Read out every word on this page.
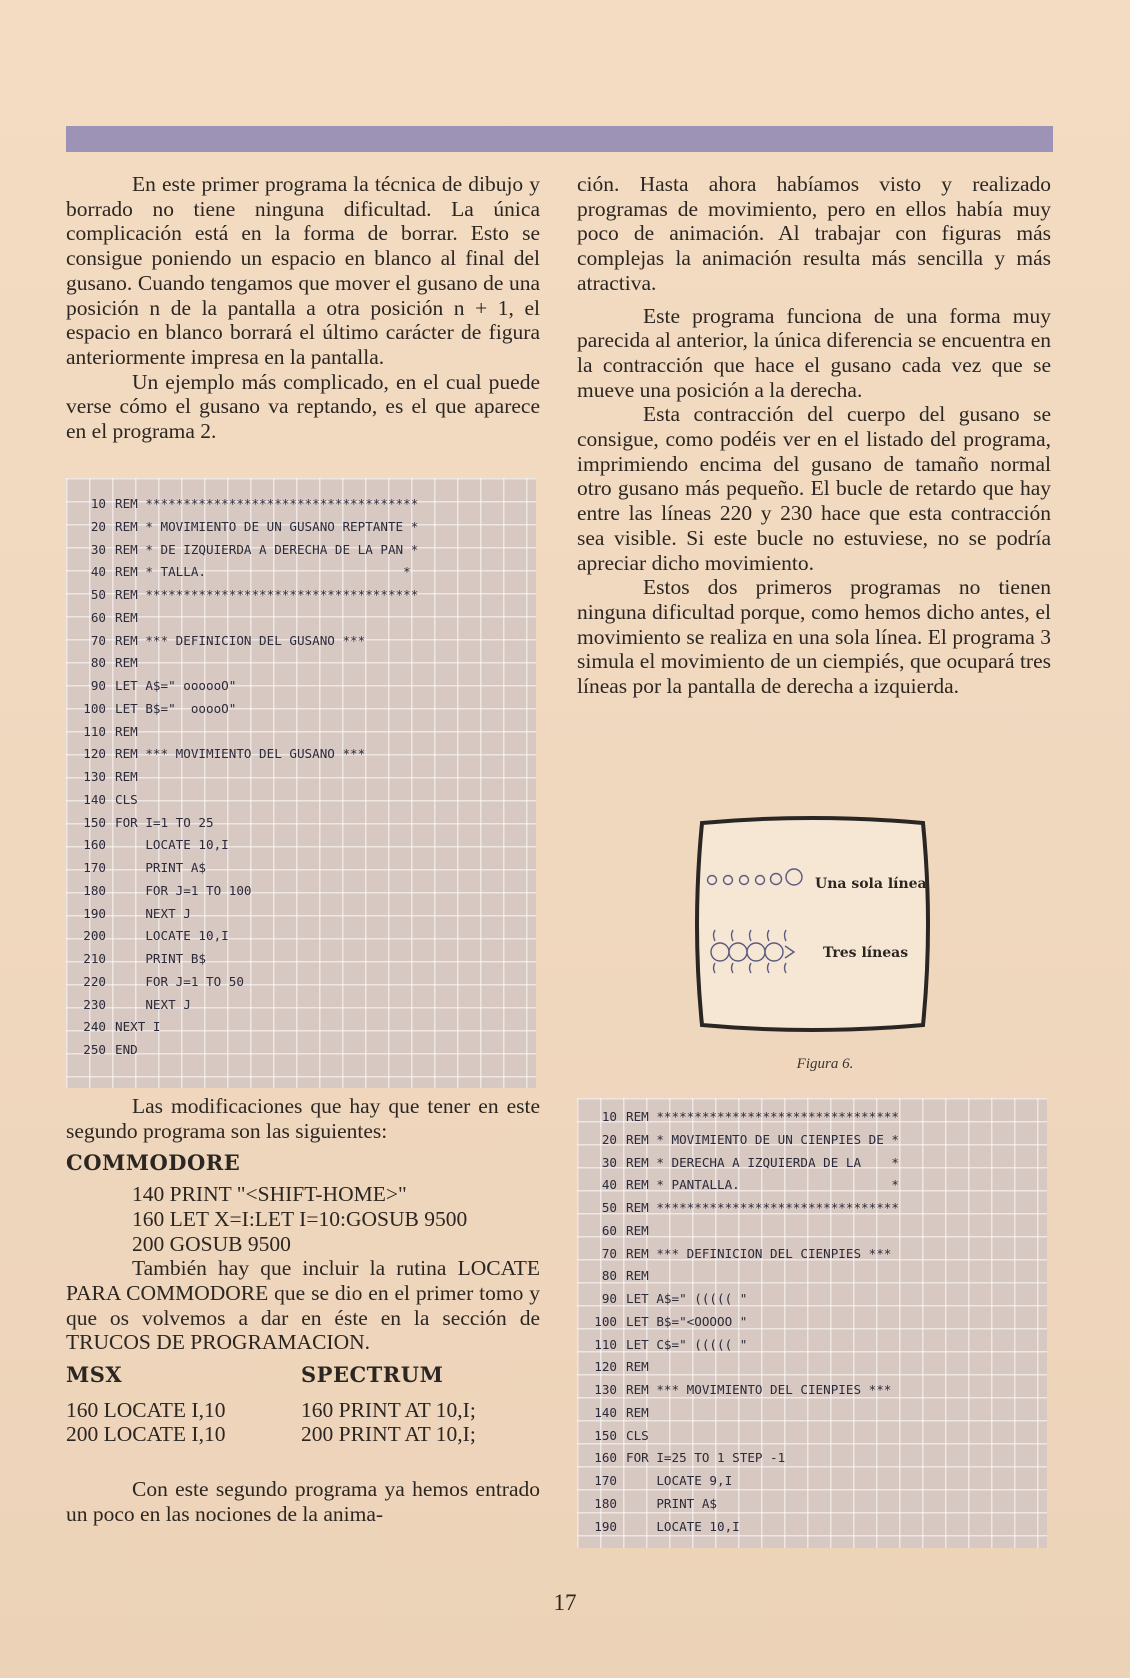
En este primer programa la técnica de dibujo y borrado no tiene ninguna dificultad. La única complicación está en la forma de borrar. Esto se consigue poniendo un espacio en blanco al final del gusano. Cuando tengamos que mover el gusano de una posición n de la pantalla a otra posición n + 1, el espacio en blanco borrará el último carácter de figura anteriormente impresa en la pantalla.

Un ejemplo más complicado, en el cual puede verse cómo el gusano va reptando, es el que aparece en el programa 2.

10 REM ************************************
20 REM * MOVIMIENTO DE UN GUSANO REPTANTE *
30 REM * DE IZQUIERDA A DERECHA DE LA PAN *
40 REM * TALLA.                          *
50 REM ************************************
60 REM
70 REM *** DEFINICION DEL GUSANO ***
80 REM
90 LET A$=" oooooO"
100 LET B$="  ooooO"
110 REM
120 REM *** MOVIMIENTO DEL GUSANO ***
130 REM
140 CLS
150 FOR I=1 TO 25
160    LOCATE 10,I
170    PRINT A$
180    FOR J=1 TO 100
190    NEXT J
200    LOCATE 10,I
210    PRINT B$
220    FOR J=1 TO 50
230    NEXT J
240 NEXT I
250 END

Las modificaciones que hay que tener en este segundo programa son las siguientes:

COMMODORE
140 PRINT "<SHIFT-HOME>"
160 LET X=I:LET I=10:GOSUB 9500
200 GOSUB 9500

También hay que incluir la rutina LOCATE PARA COMMODORE que se dio en el primer tomo y que os volvemos a dar en éste en la sección de TRUCOS DE PROGRAMACION.

MSX
160 LOCATE I,10
200 LOCATE I,10
SPECTRUM
160 PRINT AT 10,I;
200 PRINT AT 10,I;

Con este segundo programa ya hemos entrado un poco en las nociones de la anima-

ción. Hasta ahora habíamos visto y realizado programas de movimiento, pero en ellos había muy poco de animación. Al trabajar con figuras más complejas la animación resulta más sencilla y más atractiva.

Este programa funciona de una forma muy parecida al anterior, la única diferencia se encuentra en la contracción que hace el gusano cada vez que se mueve una posición a la derecha.

Esta contracción del cuerpo del gusano se consigue, como podéis ver en el listado del programa, imprimiendo encima del gusano de tamaño normal otro gusano más pequeño. El bucle de retardo que hay entre las líneas 220 y 230 hace que esta contracción sea visible. Si este bucle no estuviese, no se podría apreciar dicho movimiento.

Estos dos primeros programas no tienen ninguna dificultad porque, como hemos dicho antes, el movimiento se realiza en una sola línea. El programa 3 simula el movimiento de un ciempiés, que ocupará tres líneas por la pantalla de derecha a izquierda.

Una sola línea
Tres líneas
Figura 6.
10 REM ********************************
20 REM * MOVIMIENTO DE UN CIENPIES DE *
30 REM * DERECHA A IZQUIERDA DE LA    *
40 REM * PANTALLA.                    *
50 REM ********************************
60 REM
70 REM *** DEFINICION DEL CIENPIES ***
80 REM
90 LET A$=" ((((( "
100 LET B$="<OOOOO "
110 LET C$=" ((((( "
120 REM
130 REM *** MOVIMIENTO DEL CIENPIES ***
140 REM
150 CLS
160 FOR I=25 TO 1 STEP -1
170    LOCATE 9,I
180    PRINT A$
190    LOCATE 10,I
17
